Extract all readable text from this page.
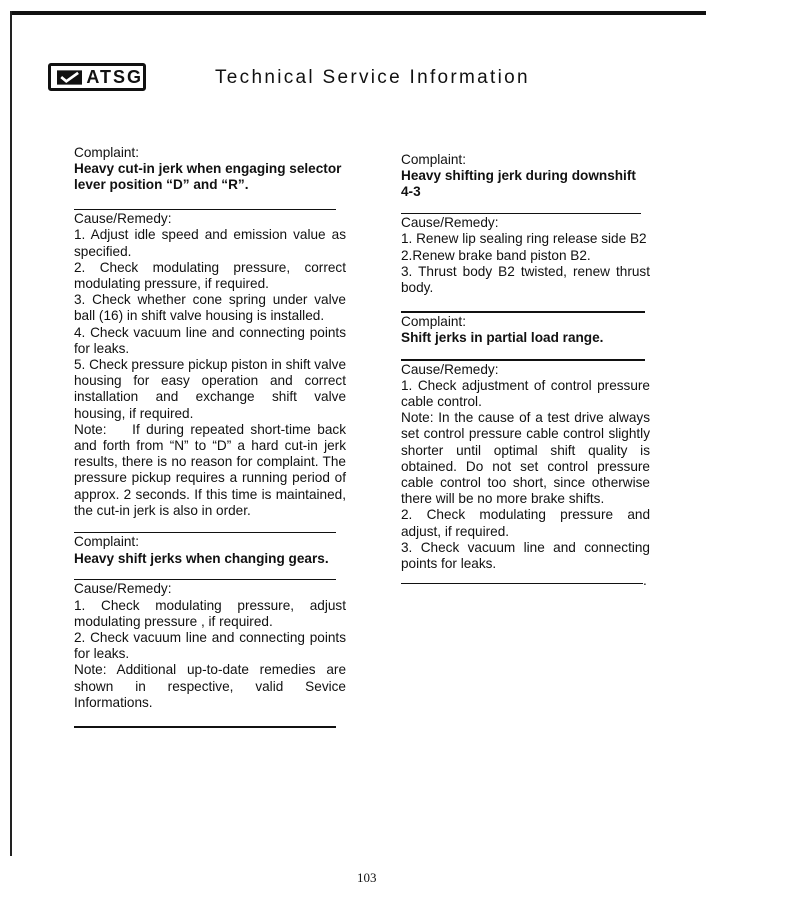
ATSG	Technical Service Information

Complaint:

Heavy cut-in jerk when engaging selector lever position “D” and “R”.

Cause/Remedy:

1. Adjust idle speed and emission value as specified.

2. Check modulating pressure, correct modulating pressure, if required.

3. Check whether cone spring under valve ball (16) in shift valve housing is installed.

4. Check vacuum line and connecting points for leaks.

5. Check pressure pickup piston in shift valve housing for easy operation and correct installation and exchange shift valve housing, if required.

Note:    If during repeated short-time back and forth from “N” to “D” a hard cut-in jerk results, there is no reason for complaint. The pressure pickup requires a running period of approx. 2 seconds. If this time is maintained, the cut-in jerk is also in order.

Complaint:

Heavy shift jerks when changing gears.

Cause/Remedy:

1. Check modulating pressure, adjust modulating pressure , if required.

2. Check vacuum line and connecting points for leaks.

Note: Additional up-to-date remedies are shown in respective, valid Sevice Informations.

Complaint:

Heavy shifting jerk during downshift 4-3

Cause/Remedy:

1. Renew lip sealing ring release side B2

2.Renew brake band piston B2.

3. Thrust body B2 twisted, renew thrust body.

Complaint:

Shift jerks in partial load range.

Cause/Remedy:

1. Check adjustment of control pressure cable control.

Note: In the cause of a test drive always set control pressure cable control slightly shorter until optimal shift quality is obtained. Do not set control pressure cable control too short, since otherwise there will be no more brake shifts.

2. Check modulating pressure and adjust, if required.

3. Check vacuum line and connecting points for leaks.

.
103
